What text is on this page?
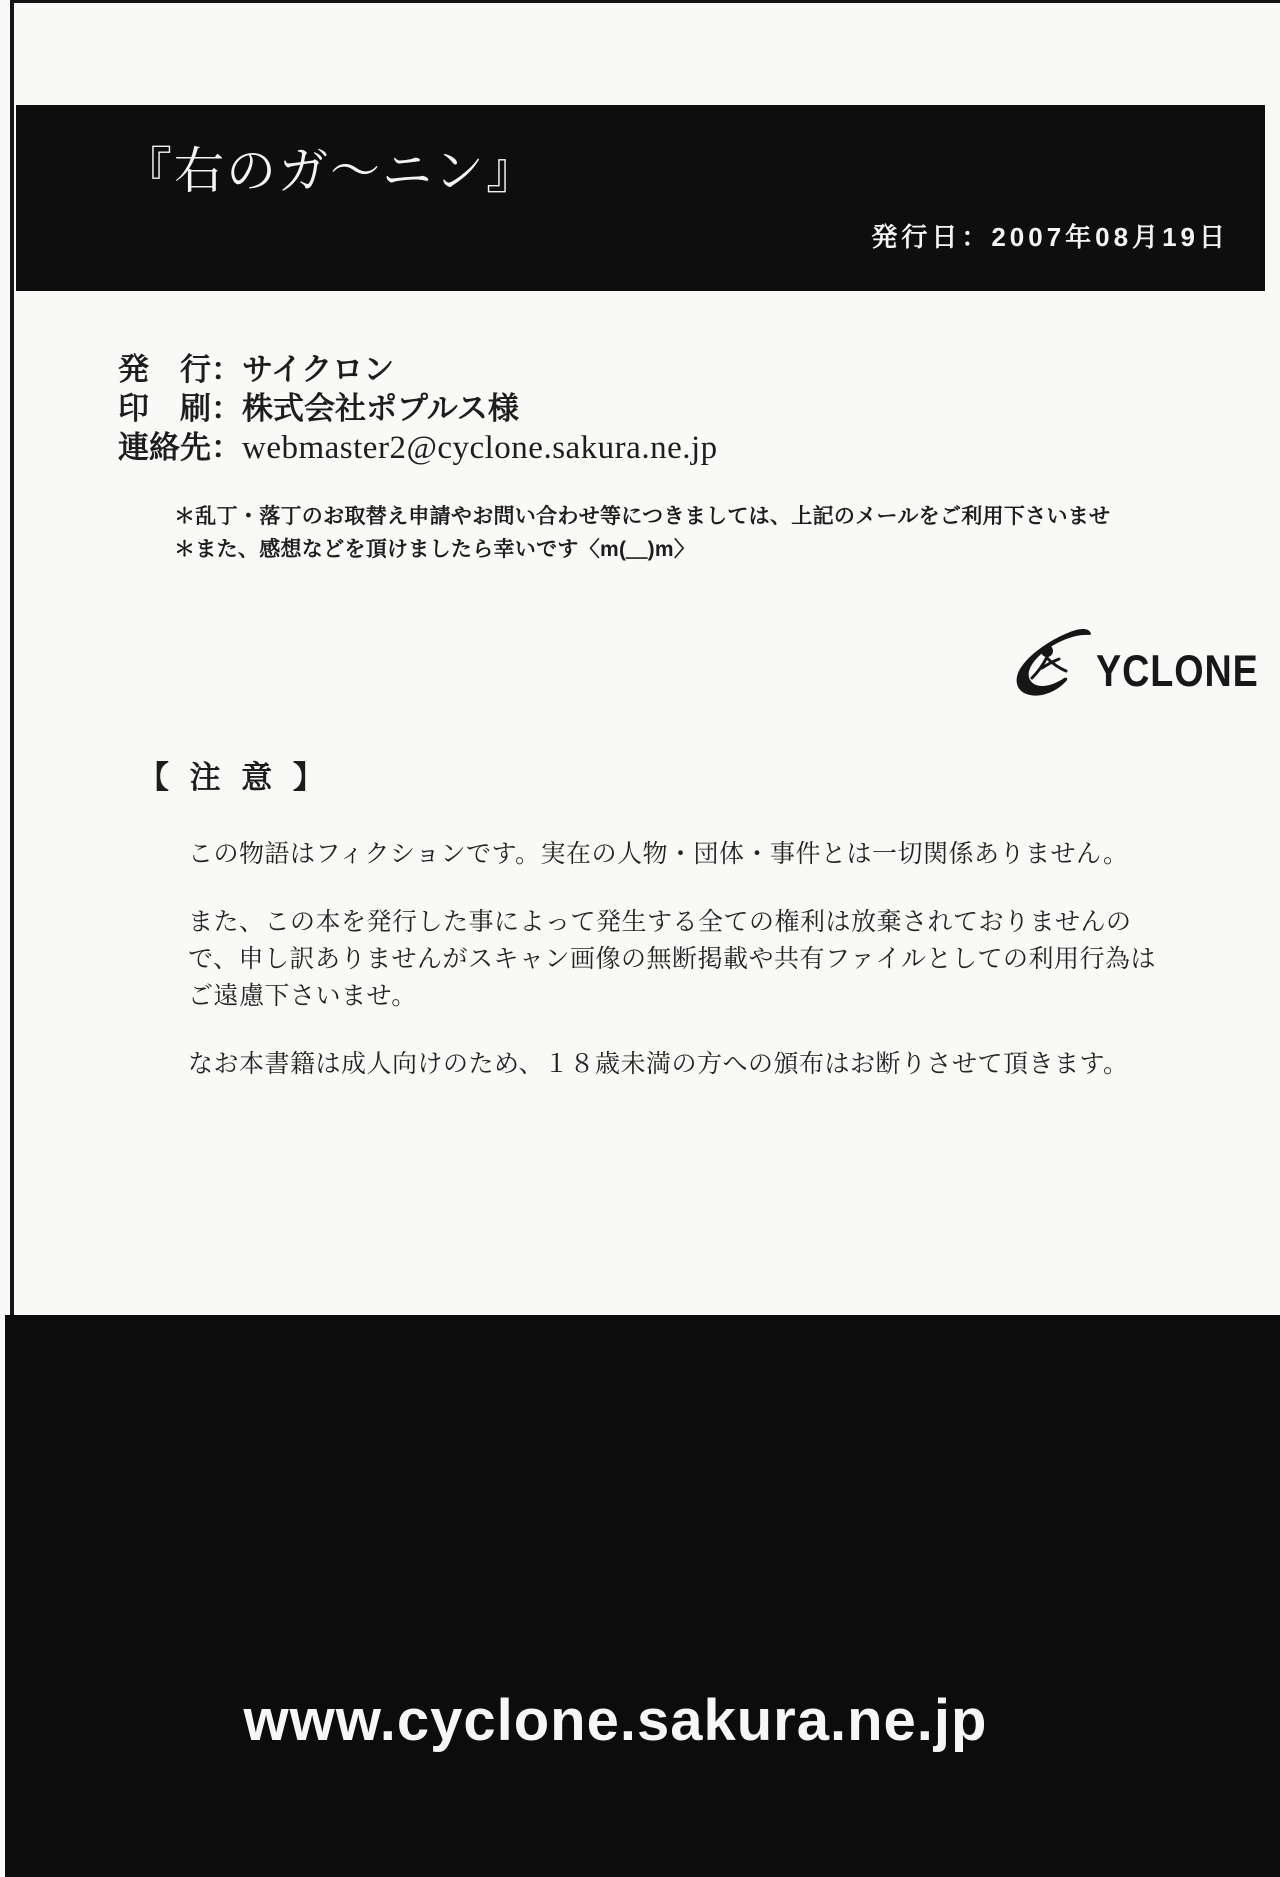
『右のガ〜ニン』
発行日：2007年08月19日
発　行：サイクロン
印　刷：株式会社ポプルス様
連絡先：webmaster2@cyclone.sakura.ne.jp
＊乱丁・落丁のお取替え申請やお問い合わせ等につきましては、上記のメールをご利用下さいませ
＊また、感想などを頂けましたら幸いです〈m(＿)m〉
YCLONE
【 注 意 】
この物語はフィクションです。実在の人物・団体・事件とは一切関係ありません。
また、この本を発行した事によって発生する全ての権利は放棄されておりませんので、申し訳ありませんがスキャン画像の無断掲載や共有ファイルとしての利用行為はご遠慮下さいませ。
なお本書籍は成人向けのため、１８歳未満の方への頒布はお断りさせて頂きます。
www.cyclone.sakura.ne.jp
